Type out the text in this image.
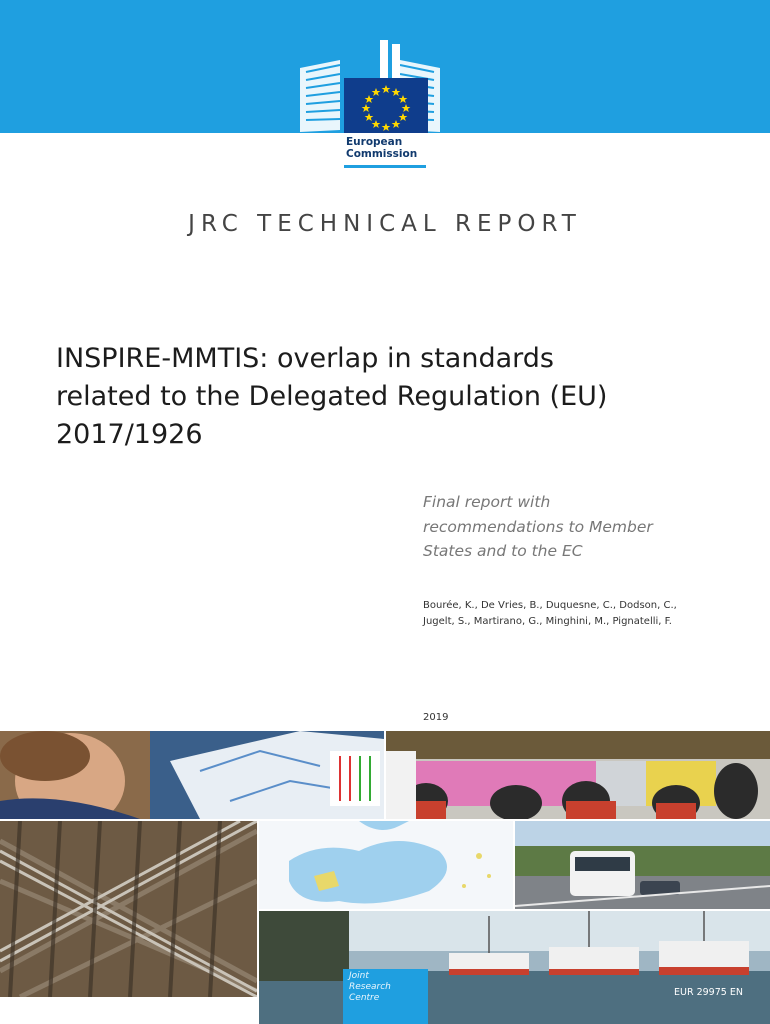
European
Commission
JRC TECHNICAL REPORT
INSPIRE-MMTIS: overlap in standards
related to the Delegated Regulation (EU)
2017/1926
Final report with
recommendations to Member
States and to the EC
Bourée, K., De Vries, B., Duquesne, C., Dodson, C.,
Jugelt, S., Martirano, G., Minghini, M., Pignatelli, F.
2019
Joint
Research
Centre	EUR 29975 EN
